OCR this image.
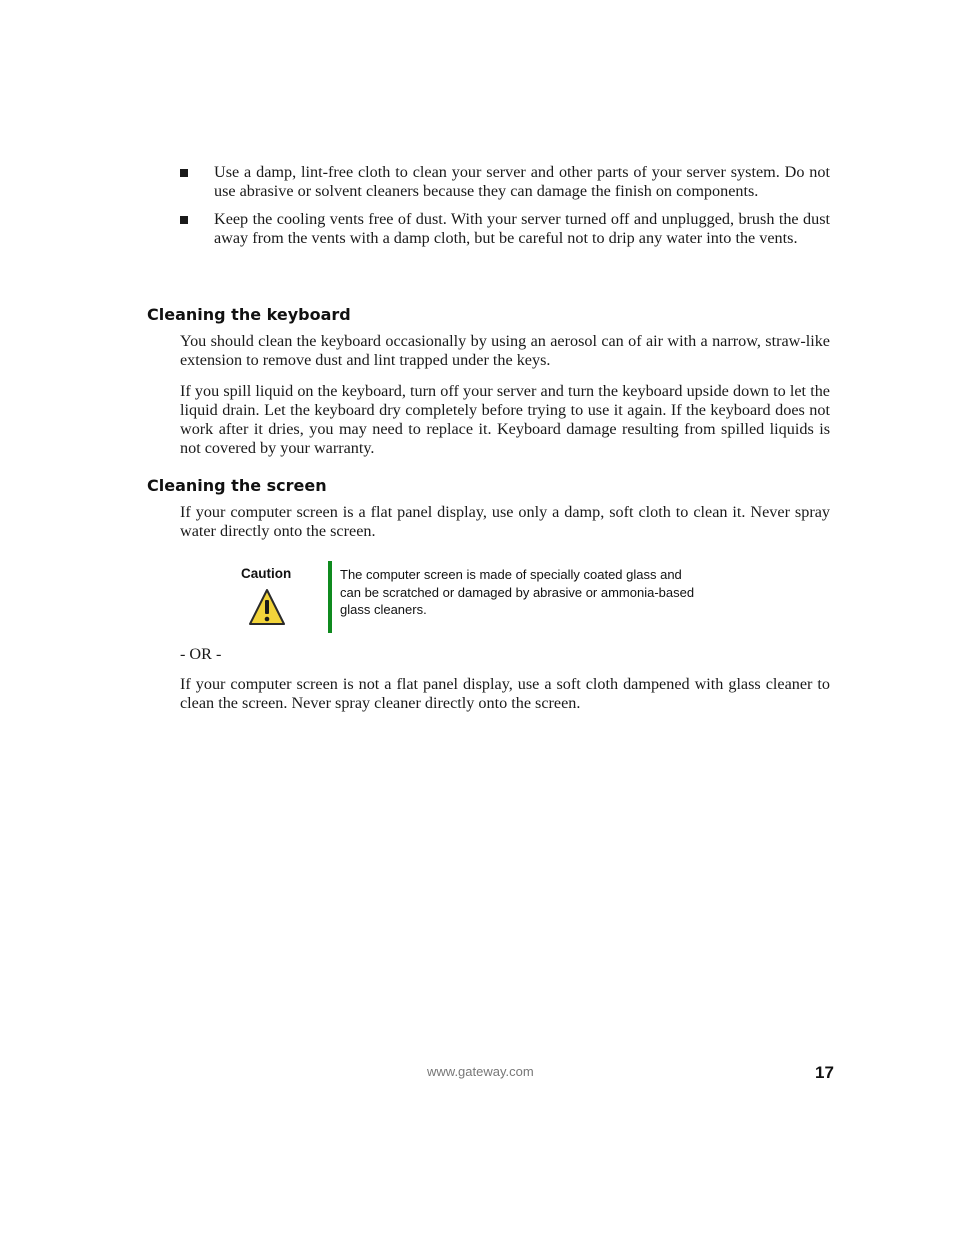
Use a damp, lint-free cloth to clean your server and other parts of your server system. Do not use abrasive or solvent cleaners because they can damage the finish on components.
Keep the cooling vents free of dust. With your server turned off and unplugged, brush the dust away from the vents with a damp cloth, but be careful not to drip any water into the vents.
Cleaning the keyboard

You should clean the keyboard occasionally by using an aerosol can of air with a narrow, straw-like extension to remove dust and lint trapped under the keys.

If you spill liquid on the keyboard, turn off your server and turn the keyboard upside down to let the liquid drain. Let the keyboard dry completely before trying to use it again. If the keyboard does not work after it dries, you may need to replace it. Keyboard damage resulting from spilled liquids is not covered by your warranty.

Cleaning the screen

If your computer screen is a flat panel display, use only a damp, soft cloth to clean it. Never spray water directly onto the screen.

Caution	The computer screen is made of specially coated glass and can be scratched or damaged by abrasive or ammonia-based glass cleaners.

- OR -

If your computer screen is not a flat panel display, use a soft cloth dampened with glass cleaner to clean the screen. Never spray cleaner directly onto the screen.

www.gateway.com	17
